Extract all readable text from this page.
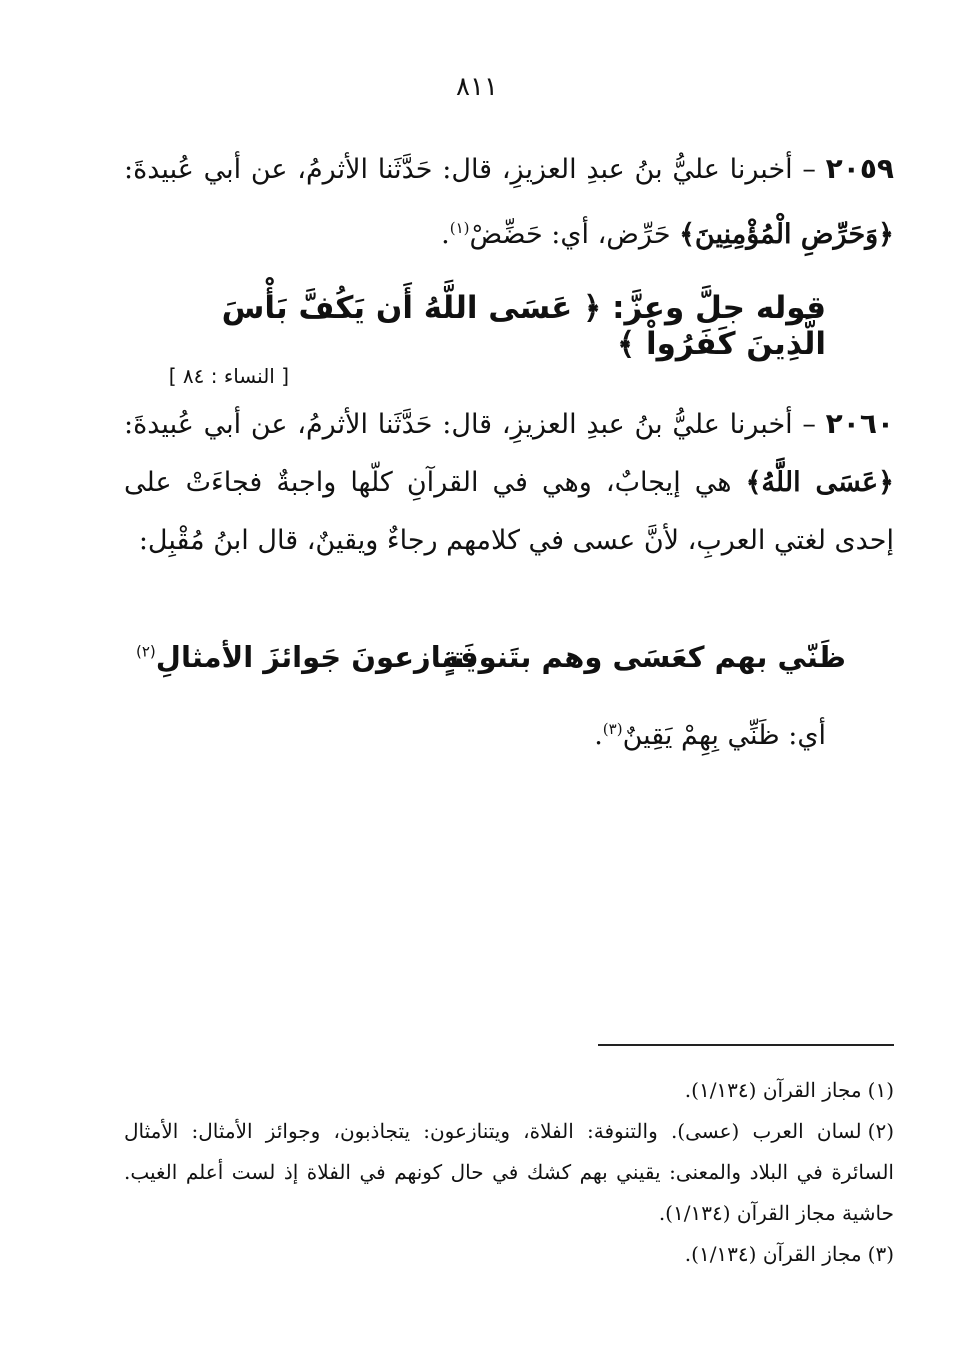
٨١١
٢٠٥٩ – أخبرنا عليُّ بنُ عبدِ العزيزِ، قال: حَدَّثَنا الأثرمُ، عن أبي عُبيدةَ: ﴿وَحَرِّضِ الْمُؤْمِنِينَ﴾ حَرِّض، أي: حَضِّضْ$^{(١)}$.
قوله جلَّ وعزَّ: ﴿ عَسَى اللَّهُ أَن يَكُفَّ بَأْسَ الَّذِينَ كَفَرُواْ ﴾
[ النساء : ٨٤ ]
٢٠٦٠ – أخبرنا عليُّ بنُ عبدِ العزيزِ، قال: حَدَّثَنا الأثرمُ، عن أبي عُبيدةَ: ﴿عَسَى اللَّهُ﴾ هي إيجابٌ، وهي في القرآنِ كلّها واجبةٌ فجاءَتْ على إحدى لغتي العربِ، لأنَّ عسى في كلامهم رجاءٌ ويقينٌ، قال ابنُ مُقْبِل:
ظَنّي بهم كعَسَى وهم بتَنوفَةٍ
يتنازعونَ جَوائزَ الأمثالِ$^{(٢)}$
أي: ظَنِّي بِهِمْ يَقِينٌ$^{(٣)}$.
(١)مجاز القرآن (١/١٣٤).
(٢)لسان العرب (عسى). والتنوفة: الفلاة، ويتنازعون: يتجاذبون، وجوائز الأمثال: الأمثال السائرة في البلاد والمعنى: يقيني بهم كشك في حال كونهم في الفلاة إذ لست أعلم الغيب. حاشية مجاز القرآن (١/١٣٤).
(٣)مجاز القرآن (١/١٣٤).
